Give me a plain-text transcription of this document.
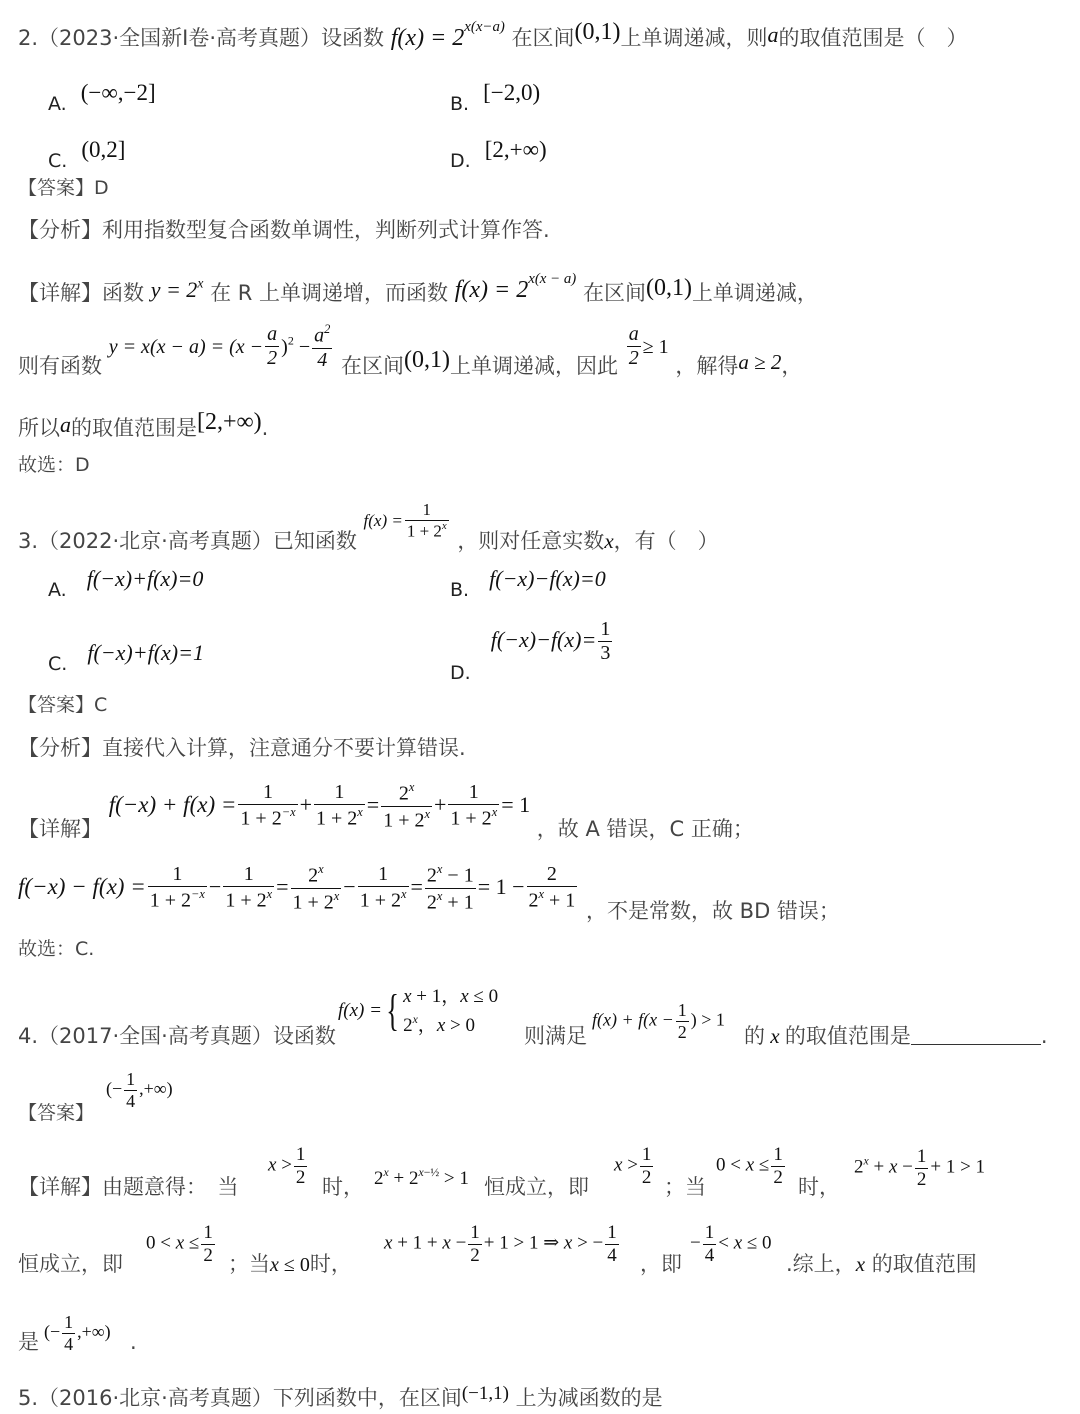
2.（2023·全国新Ⅰ卷·高考真题）设函数 $f(x) = 2^{x(x-a)}$ 在区间(0,1)上单调递减，则a的取值范围是（　）
A. (−∞,−2]	B. [−2,0)
C. (0,2]	D. [2,+∞)
【答案】D
【分析】利用指数型复合函数单调性，判断列式计算作答.
【详解】函数 $y = 2^x$ 在 R 上单调递增，而函数 $f(x) = 2^{x(x - a)}$ 在区间(0,1)上单调递减，
则有函数 $y = x(x - a) = (x - \frac{a}{2} )^2 - \frac{a^2}{4}$ 在区间(0,1)上单调递减，因此 $\frac{a}{2} \ge 1$ ，解得a ≥ 2，
所以a的取值范围是[2,+∞).
故选：D
3.（2022·北京·高考真题）已知函数 $f(x) = \frac{1}{1 + 2^x}$
，则对任意实数x，有（　）
A. f(−x)+f(x)=0	B. f(−x)−f(x)=0
C. f(−x)+f(x)=1
D. $f(-x)-f(x)= \frac{1}{3}$
【答案】C
【分析】直接代入计算，注意通分不要计算错误.
【详解】 $f(-x) + f(x) = \frac{1}{1 + 2^{-x}} + \frac{1}{1 + 2^x} = \frac{2^x}{1 + 2^x} + \frac{1}{1 + 2^x} = 1$ ，故 A 错误，C 正确；
$f(-x) - f(x) = \frac{1}{1 + 2^{-x}} - \frac{1}{1 + 2^x} = \frac{2^x}{1 + 2^x} - \frac{1}{1 + 2^x} = \frac{2^x - 1}{2^x + 1} = 1 - \frac{2}{2^x + 1}$ ，不是常数，故 BD 错误；
故选：C.
4.（2017·全国·高考真题）设函数
f(x) ={ x + 1，x ≤ 0
2$^x$，x > 0	则满足
$f(x) + f(x - \frac{1}{2}$ ) > 1
的 x 的取值范围是	.
【答案】
(− $\frac{1}{4}$ ,+∞)
【详解】由题意得：　当
$x > \frac{1}{2}$ 时， $2^x + 2^{x-\frac{1}{2}} > 1$ 恒成立，即
$x > \frac{1}{2}$ ；当
$0 < x \le \frac{1}{2}$ 时，
$2^x + x - \frac{1}{2} + 1 > 1$
恒成立，即
$0 < x \le \frac{1}{2}$ ；当x ≤ 0时，
$x + 1 + x - \frac{1}{2} + 1 > 1$ ⇒ x > − $\frac{1}{4}$ ，即
− $\frac{1}{4} < x \le 0$
.综上，x 的取值范围
是 (− $\frac{1}{4}$ ,+∞) .
5.（2016·北京·高考真题）下列函数中，在区间(−1,1) 上为减函数的是
